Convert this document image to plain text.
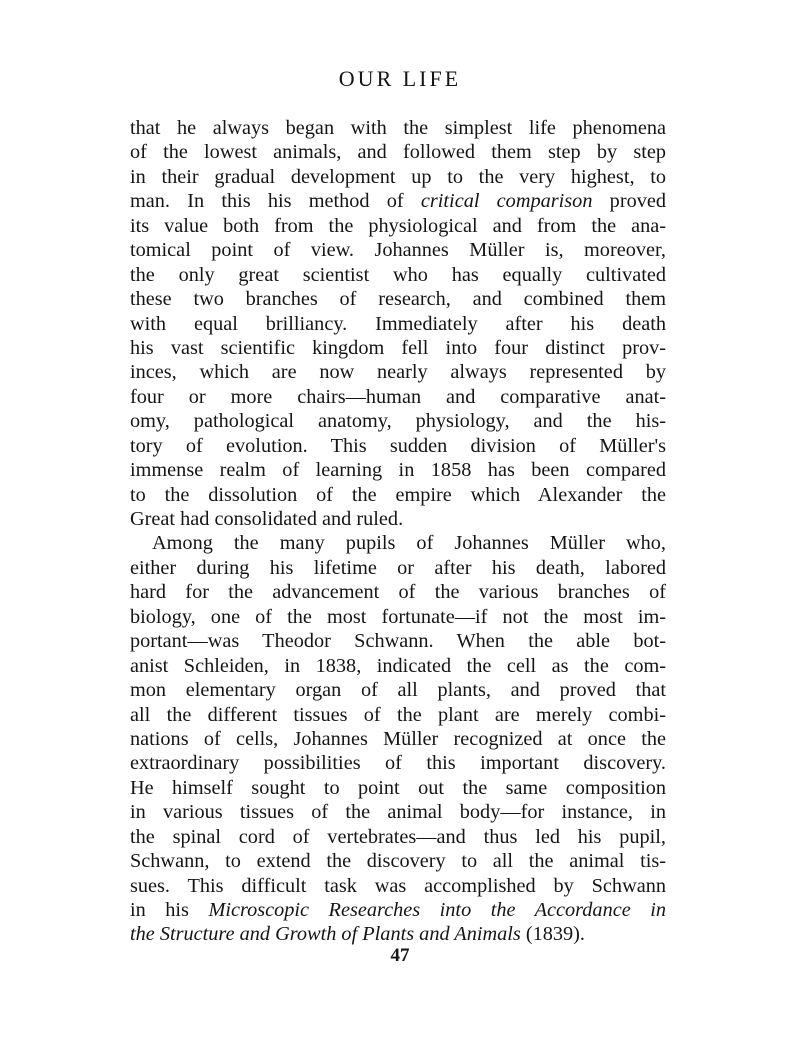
OUR LIFE
that he always began with the simplest life phenomena
of the lowest animals, and followed them step by step
in their gradual development up to the very highest, to
man. In this his method of critical comparison proved
its value both from the physiological and from the ana-
tomical point of view. Johannes Müller is, moreover,
the only great scientist who has equally cultivated
these two branches of research, and combined them
with equal brilliancy. Immediately after his death
his vast scientific kingdom fell into four distinct prov-
inces, which are now nearly always represented by
four or more chairs—human and comparative anat-
omy, pathological anatomy, physiology, and the his-
tory of evolution. This sudden division of Müller's
immense realm of learning in 1858 has been compared
to the dissolution of the empire which Alexander the
Great had consolidated and ruled.
Among the many pupils of Johannes Müller who,
either during his lifetime or after his death, labored
hard for the advancement of the various branches of
biology, one of the most fortunate—if not the most im-
portant—was Theodor Schwann. When the able bot-
anist Schleiden, in 1838, indicated the cell as the com-
mon elementary organ of all plants, and proved that
all the different tissues of the plant are merely combi-
nations of cells, Johannes Müller recognized at once the
extraordinary possibilities of this important discovery.
He himself sought to point out the same composition
in various tissues of the animal body—for instance, in
the spinal cord of vertebrates—and thus led his pupil,
Schwann, to extend the discovery to all the animal tis-
sues. This difficult task was accomplished by Schwann
in his Microscopic Researches into the Accordance in
the Structure and Growth of Plants and Animals (1839).
47
